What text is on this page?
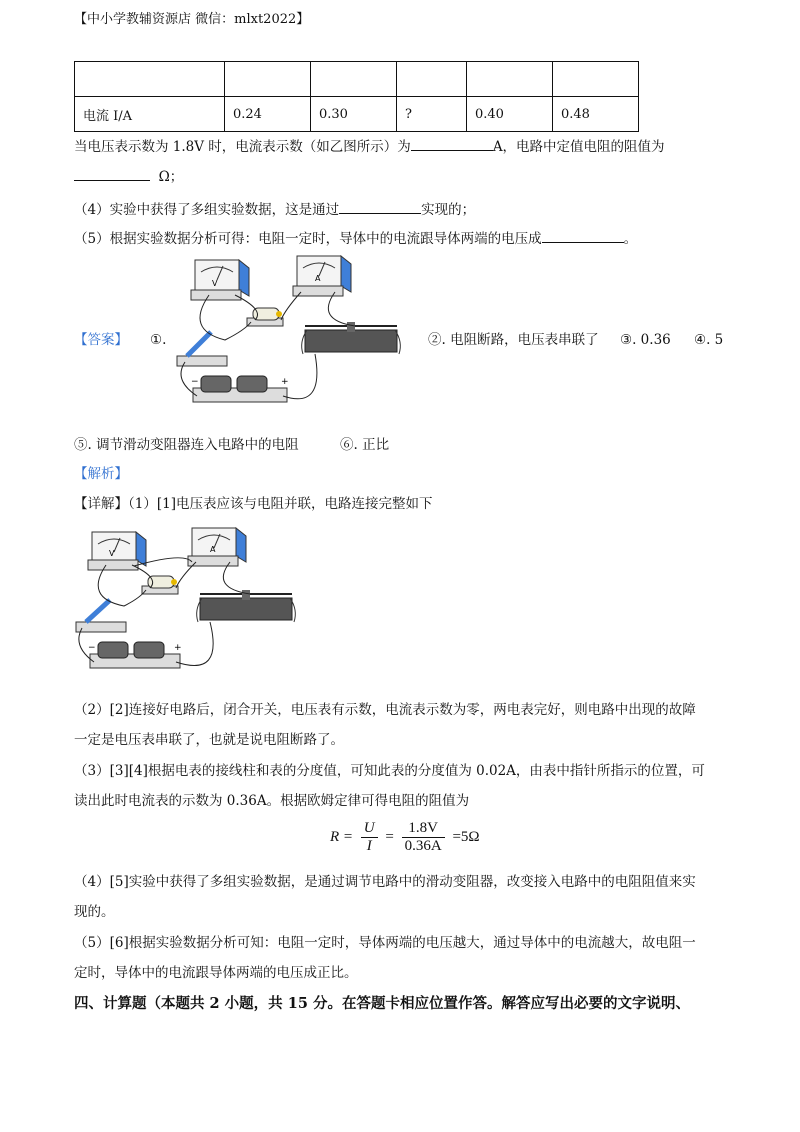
【中小学教辅资源店 微信：mlxt2022】

电流 I/A	0.24	0.30	?	0.40	0.48
当电压表示数为 1.8V 时，电流表示数（如乙图所示）为	A，电路中定值电阻的阻值为
Ω；
（4）实验中获得了多组实验数据，这是通过	实现的；
（5）根据实验数据分析可得：电阻一定时，导体中的电流跟导体两端的电压成	。
【答案】 ①.
V
A
−	+
②. 电阻断路，电压表串联了 ③. 0.36 ④. 5
⑤. 调节滑动变阻器连入电路中的电阻	⑥. 正比
【解析】
【详解】（1）[1]电压表应该与电阻并联，电路连接完整如下
V	A
−	+
（2）[2]连接好电路后，闭合开关，电压表有示数，电流表示数为零，两电表完好，则电路中出现的故障
一定是电压表串联了，也就是说电阻断路了。
（3）[3][4]根据电表的接线柱和表的分度值，可知此表的分度值为 0.02A，由表中指针所指示的位置，可
读出此时电流表的示数为 0.36A。根据欧姆定律可得电阻的阻值为
$R = \frac{U}{I} = \frac{1.8V}{0.36A} =5\Omega$
（4）[5]实验中获得了多组实验数据，是通过调节电路中的滑动变阻器，改变接入电路中的电阻阻值来实
现的。
（5）[6]根据实验数据分析可知：电阻一定时，导体两端的电压越大，通过导体中的电流越大，故电阻一
定时，导体中的电流跟导体两端的电压成正比。
四、计算题（本题共 2 小题，共 15 分。在答题卡相应位置作答。解答应写出必要的文字说明、
